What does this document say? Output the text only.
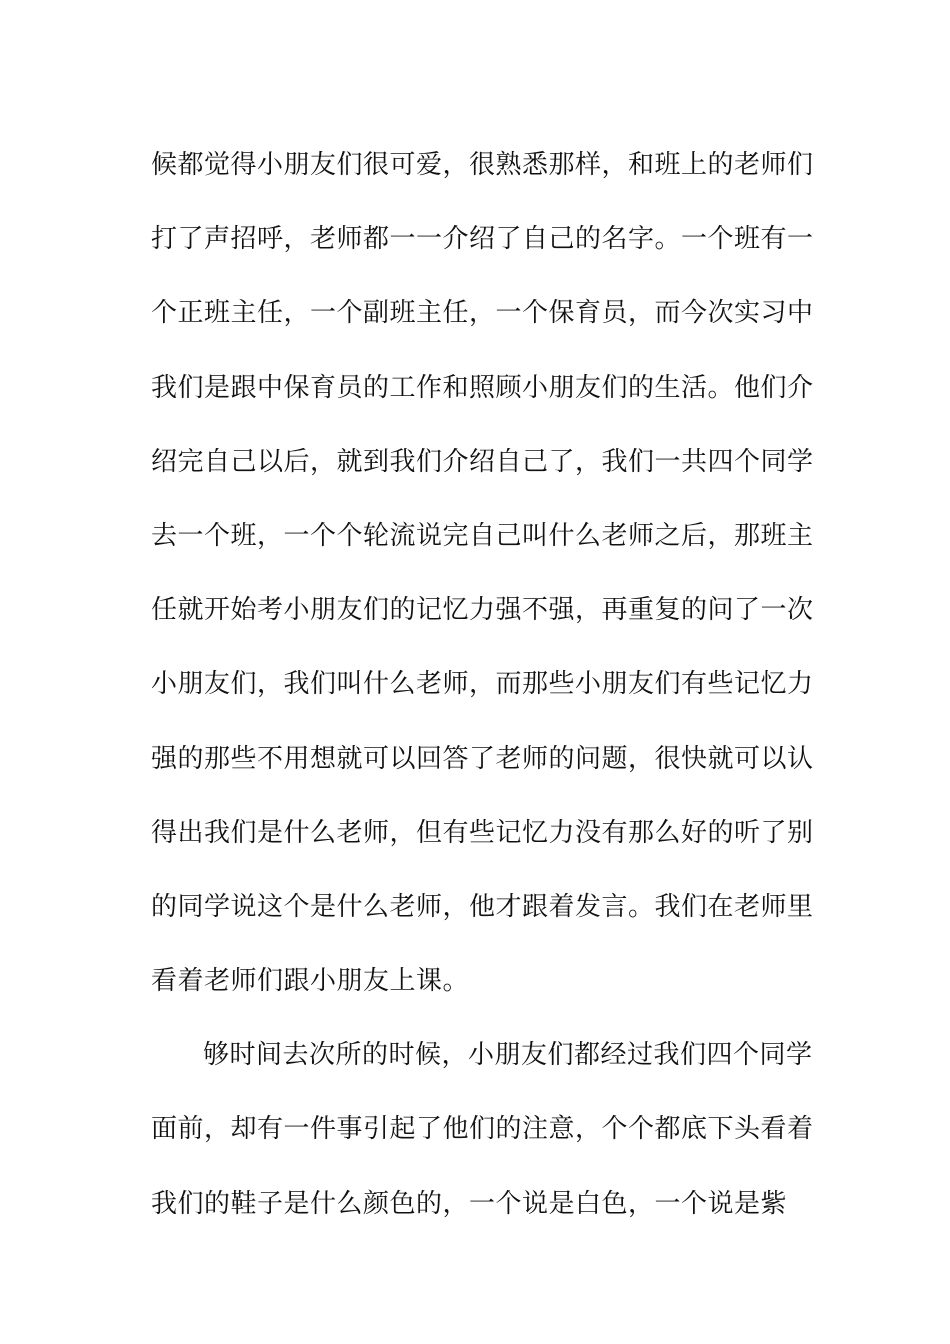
候都觉得小朋友们很可爱，很熟悉那样，和班上的老师们
打了声招呼，老师都一一介绍了自己的名字。一个班有一
个正班主任，一个副班主任，一个保育员，而今次实习中
我们是跟中保育员的工作和照顾小朋友们的生活。他们介
绍完自己以后，就到我们介绍自己了，我们一共四个同学
去一个班，一个个轮流说完自己叫什么老师之后，那班主
任就开始考小朋友们的记忆力强不强，再重复的问了一次
小朋友们，我们叫什么老师，而那些小朋友们有些记忆力
强的那些不用想就可以回答了老师的问题，很快就可以认
得出我们是什么老师，但有些记忆力没有那么好的听了别
的同学说这个是什么老师，他才跟着发言。我们在老师里
看着老师们跟小朋友上课。
够时间去次所的时候，小朋友们都经过我们四个同学
面前，却有一件事引起了他们的注意，个个都底下头看着
我们的鞋子是什么颜色的，一个说是白色，一个说是紫
